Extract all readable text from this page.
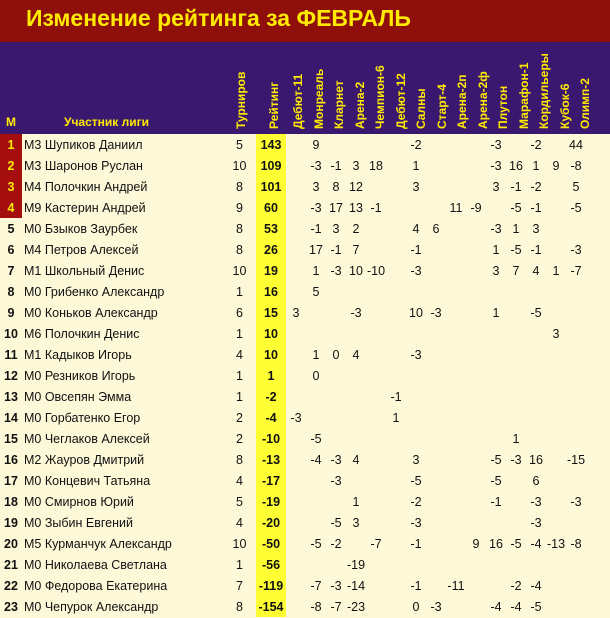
Изменение рейтинга за ФЕВРАЛЬ
М	Участник лиги	Турниров Рейтинг Дебют-11 Монреаль Кларнет Арена-2 Чемпион-6 Дебют-12 Салны Старт-4 Арена-2п Арена-2ф Плутон Марафон-1 Кордильеры Кубок-6 Олимп-2
1	М3 Шупиков Даниил	5	143		9					-2				-3		-2		44
2	М3 Шаронов Руслан	10	109		-3	-1	3	18		1				-3	16	1	9	-8
3	М4 Полочкин Андрей	8	101		3	8	12			3				3	-1	-2		5
4	М9 Кастерин Андрей	9	60		-3	17	13	-1				11	-9		-5	-1		-5
5	М0 Бзыков Заурбек	8	53		-1	3	2			4	6			-3	1	3		
6	М4 Петров Алексей	8	26		17	-1	7			-1				1	-5	-1		-3
7	М1 Школьный Денис	10	19		1	-3	10	-10		-3				3	7	4	1	-7
8	М0 Грибенко Александр	1	16		5													
9	М0 Коньков Александр	6	15	3			-3			10	-3			1		-5		
10	М6 Полочкин Денис	1	10														3	
11	М1 Кадыков Игорь	4	10		1	0	4			-3								
12	М0 Резников Игорь	1	1		0													
13	М0 Овсепян Эмма	1	-2						-1									
14	М0 Горбатенко Егор	2	-4	-3					1									
15	М0 Чеглаков Алексей	2	-10		-5										1			
16	М2 Жауров Дмитрий	8	-13		-4	-3	4			3				-5	-3	16		-15
17	М0 Концевич Татьяна	4	-17			-3				-5				-5		6		
18	М0 Смирнов Юрий	5	-19				1			-2				-1		-3		-3
19	М0 Зыбин Евгений	4	-20			-5	3			-3						-3		
20	М5 Курманчук Александр	10	-50		-5	-2		-7		-1			9	16	-5	-4	-13	-8
21	М0 Николаева Светлана	1	-56				-19											
22	М0 Федорова Екатерина	7	-119		-7	-3	-14			-1		-11			-2	-4		
23	М0 Чепурок Александр	8	-154		-8	-7	-23			0	-3			-4	-4	-5		
